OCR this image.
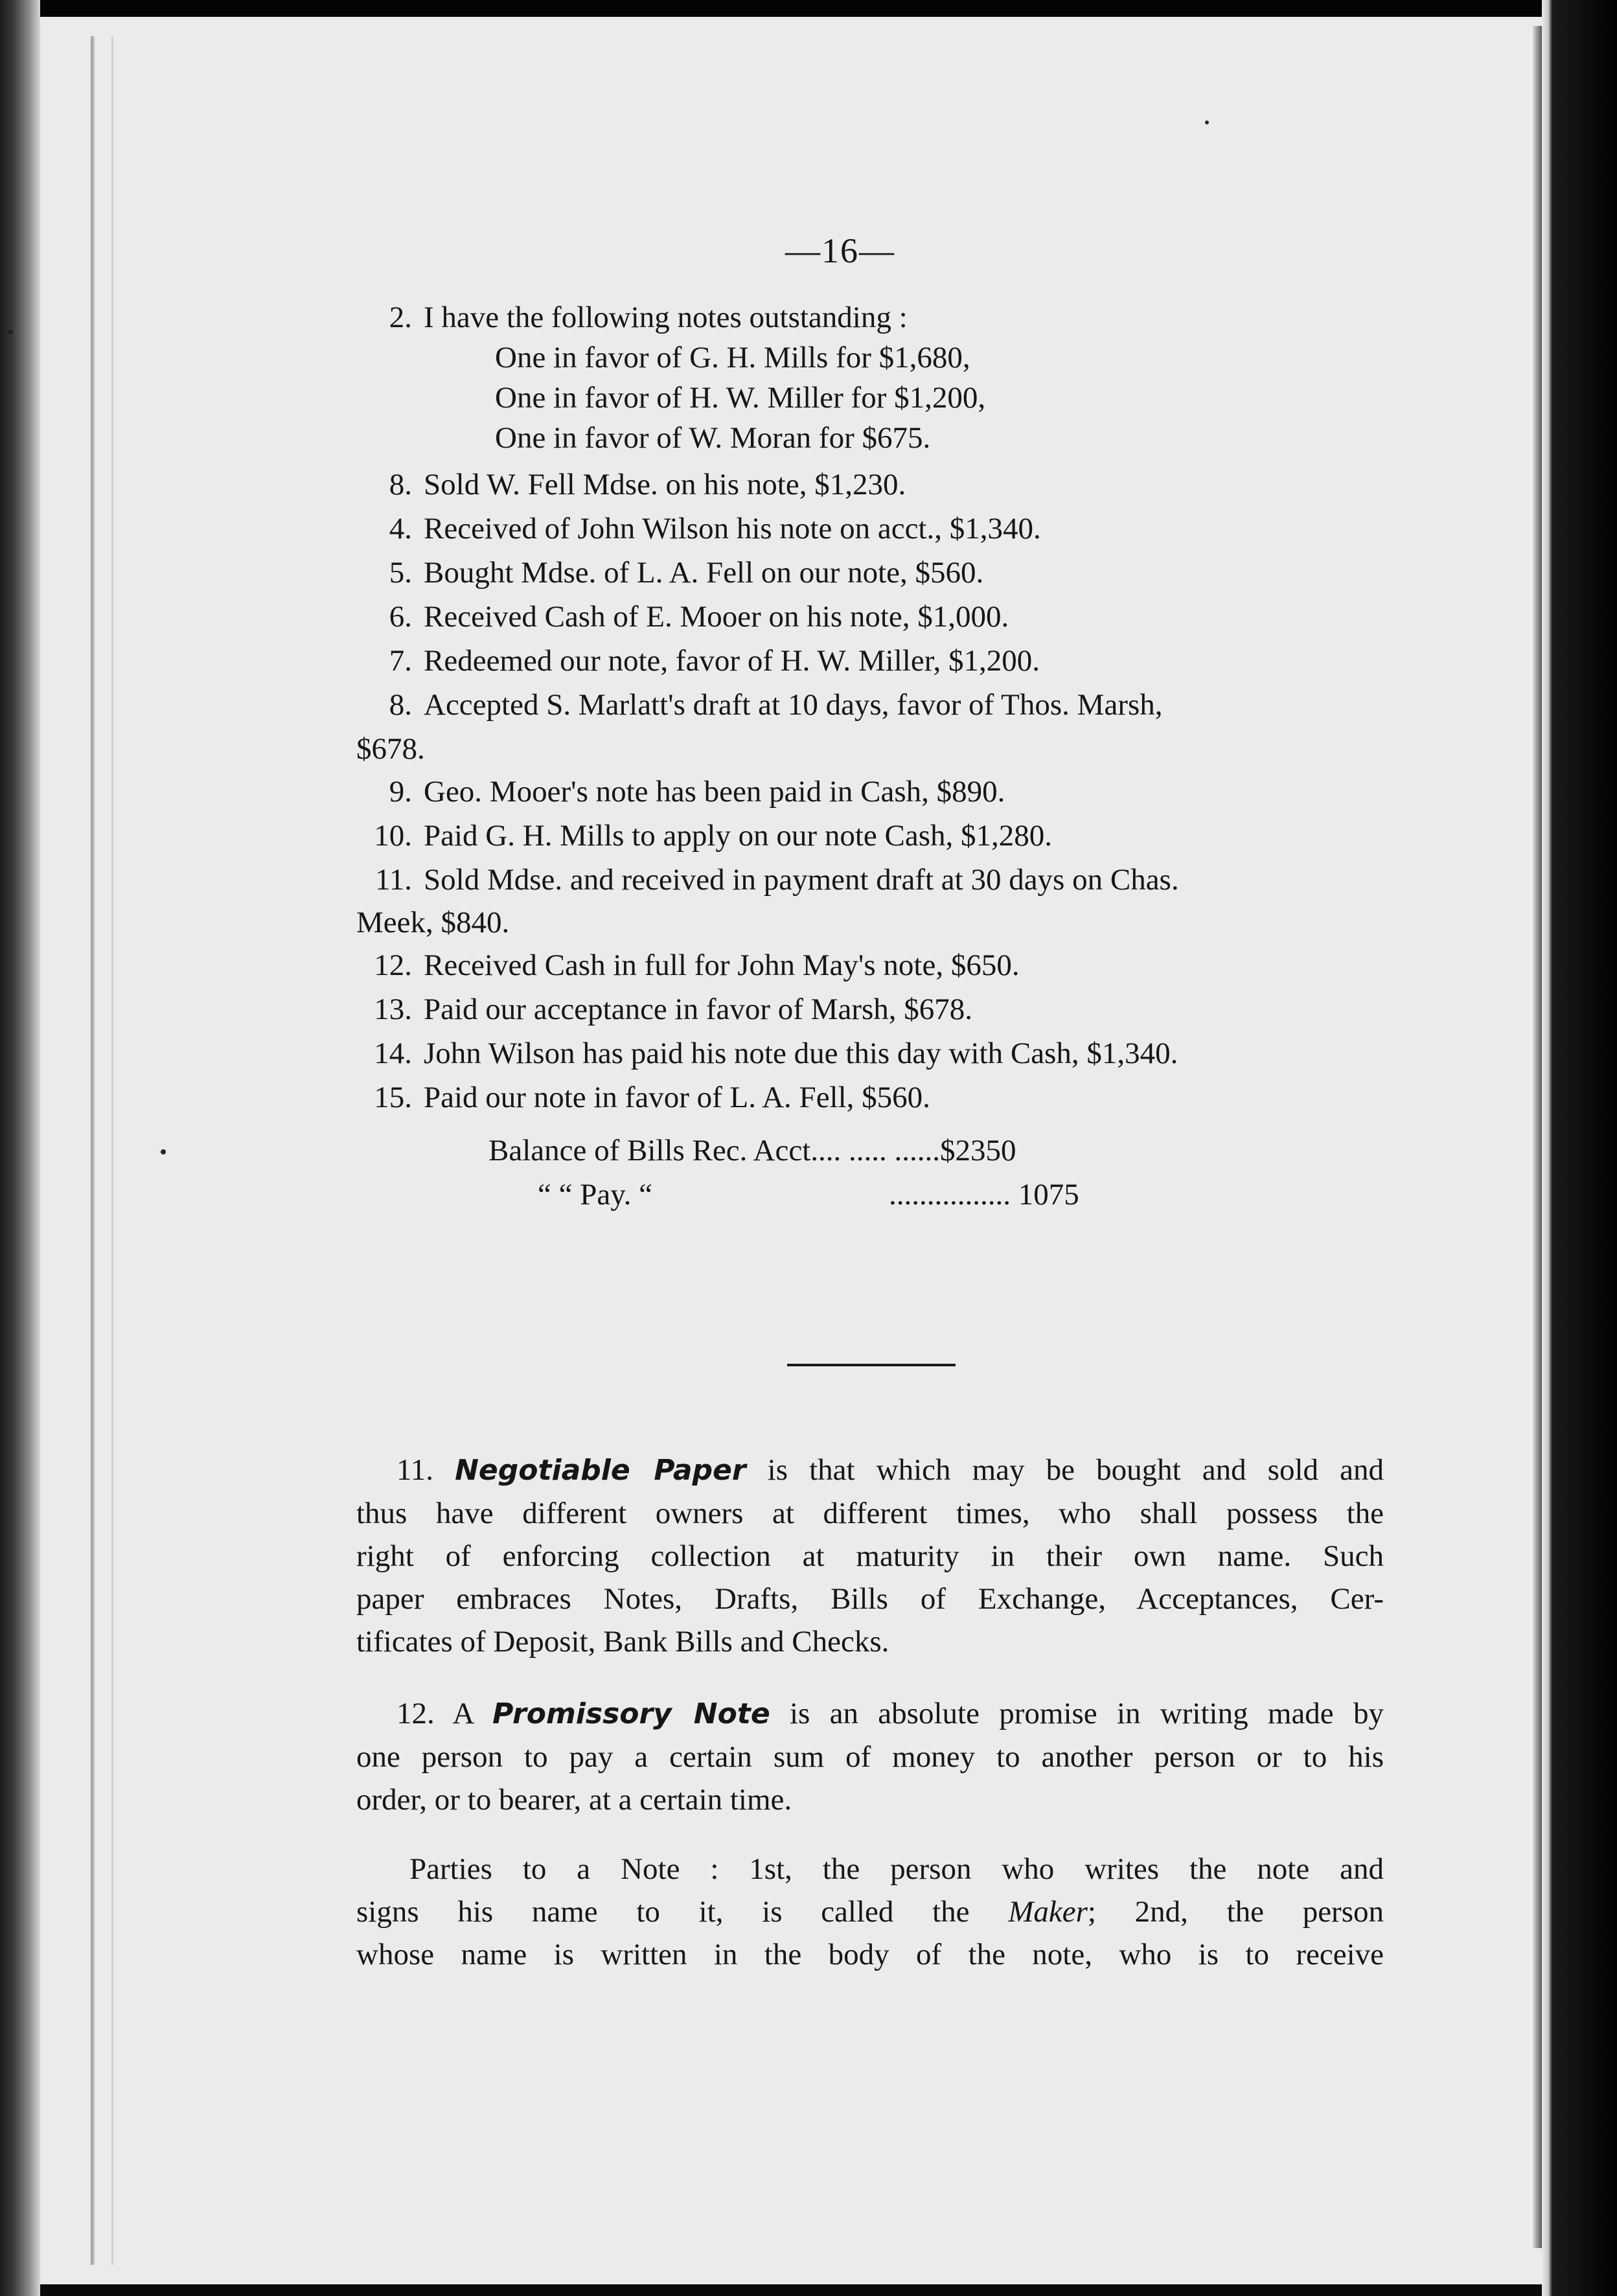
—16—
2. I have the following notes outstanding :
One in favor of G. H. Mills for $1,680,
One in favor of H. W. Miller for $1,200,
One in favor of W. Moran for $675.
8. Sold W. Fell Mdse. on his note, $1,230.
4. Received of John Wilson his note on acct., $1,340.
5. Bought Mdse. of L. A. Fell on our note, $560.
6. Received Cash of E. Mooer on his note, $1,000.
7. Redeemed our note, favor of H. W. Miller, $1,200.
8. Accepted S. Marlatt's draft at 10 days, favor of Thos. Marsh,
$678.
9. Geo. Mooer's note has been paid in Cash, $890.
10. Paid G. H. Mills to apply on our note Cash, $1,280.
11. Sold Mdse. and received in payment draft at 30 days on Chas.
Meek, $840.
12. Received Cash in full for John May's note, $650.
13. Paid our acceptance in favor of Marsh, $678.
14. John Wilson has paid his note due this day with Cash, $1,340.
15. Paid our note in favor of L. A. Fell, $560.
Balance of Bills Rec. Acct.... ..... ......$2350
“ “ Pay. “	................ 1075
11. Negotiable Paper is that which may be bought and sold and
thus have different owners at different times, who shall possess the
right of enforcing collection at maturity in their own name. Such
paper embraces Notes, Drafts, Bills of Exchange, Acceptances, Cer-
tificates of Deposit, Bank Bills and Checks.
12. A Promissory Note is an absolute promise in writing made by
one person to pay a certain sum of money to another person or to his
order, or to bearer, at a certain time.
Parties to a Note : 1st, the person who writes the note and
signs his name to it, is called the Maker; 2nd, the person
whose name is written in the body of the note, who is to receive
